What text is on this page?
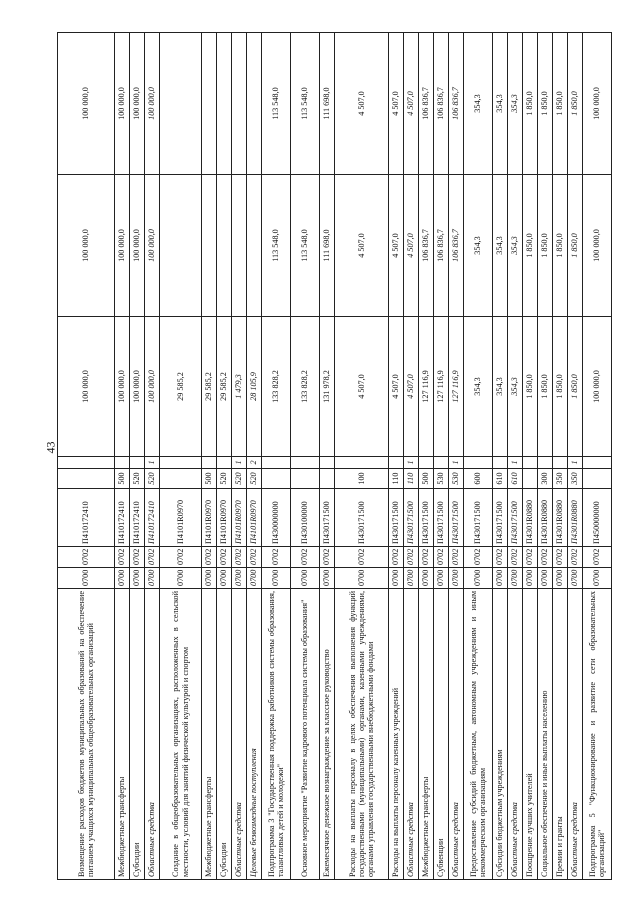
43
Возмещение расходов бюджетов муниципальных образований на обеспечение питанием учащихся муниципальных общеобразовательных организаций	0700	0702	П410172410			100 000,0	100 000,0	100 000,0
Межбюджетные трансферты	0700	0702	П410172410	500		100 000,0	100 000,0	100 000,0
Субсидии	0700	0702	П410172410	520		100 000,0	100 000,0	100 000,0
Областные средства	0700	0702	П410172410	520	1	100 000,0	100 000,0	100 000,0
Создание в общеобразовательных организациях, расположенных в сельской местности, условий для занятий физической культурой и спортом	0700	0702	П4101R0970			29 585,2		
Межбюджетные трансферты	0700	0702	П4101R0970	500		29 585,2		
Субсидии	0700	0702	П4101R0970	520		29 585,2		
Областные средства	0700	0702	П4101R0970	520	1	1 479,3		
Целевые безвозмездные поступления	0700	0702	П4101R0970	520	2	28 105,9		
Подпрограмма 3 "Государственная поддержка работников системы образования, талантливых детей и молодежи"	0700	0702	П430000000			133 828,2	113 548,0	113 548,0
Основное мероприятие "Развитие кадрового потенциала системы образования"	0700	0702	П430100000			133 828,2	113 548,0	113 548,0
Ежемесячное денежное вознаграждение за классное руководство	0700	0702	П430171500			131 978,2	111 698,0	111 698,0
Расходы на выплаты персоналу в целях обеспечения выполнения функций государственными (муниципальными) органами, казенными учреждениями, органами управления государственными внебюджетными фондами	0700	0702	П430171500	100		4 507,0	4 507,0	4 507,0
Расходы на выплаты персоналу казенных учреждений	0700	0702	П430171500	110		4 507,0	4 507,0	4 507,0
Областные средства	0700	0702	П430171500	110	1	4 507,0	4 507,0	4 507,0
Межбюджетные трансферты	0700	0702	П430171500	500		127 116,9	106 836,7	106 836,7
Субвенции	0700	0702	П430171500	530		127 116,9	106 836,7	106 836,7
Областные средства	0700	0702	П430171500	530	1	127 116,9	106 836,7	106 836,7
Предоставление субсидий бюджетным, автономным учреждениям и иным некоммерческим организациям	0700	0702	П430171500	600		354,3	354,3	354,3
Субсидии бюджетным учреждениям	0700	0702	П430171500	610		354,3	354,3	354,3
Областные средства	0700	0702	П430171500	610	1	354,3	354,3	354,3
Поощрение лучших учителей	0700	0702	П4301R0880			1 850,0	1 850,0	1 850,0
Социальное обеспечение и иные выплаты населению	0700	0702	П4301R0880	300		1 850,0	1 850,0	1 850,0
Премии и гранты	0700	0702	П4301R0880	350		1 850,0	1 850,0	1 850,0
Областные средства	0700	0702	П4301R0880	350	1	1 850,0	1 850,0	1 850,0
Подпрограмма 5 "Функционирование и развитие сети образовательных организаций"	0700	0702	П450000000			100 000,0	100 000,0	100 000,0
